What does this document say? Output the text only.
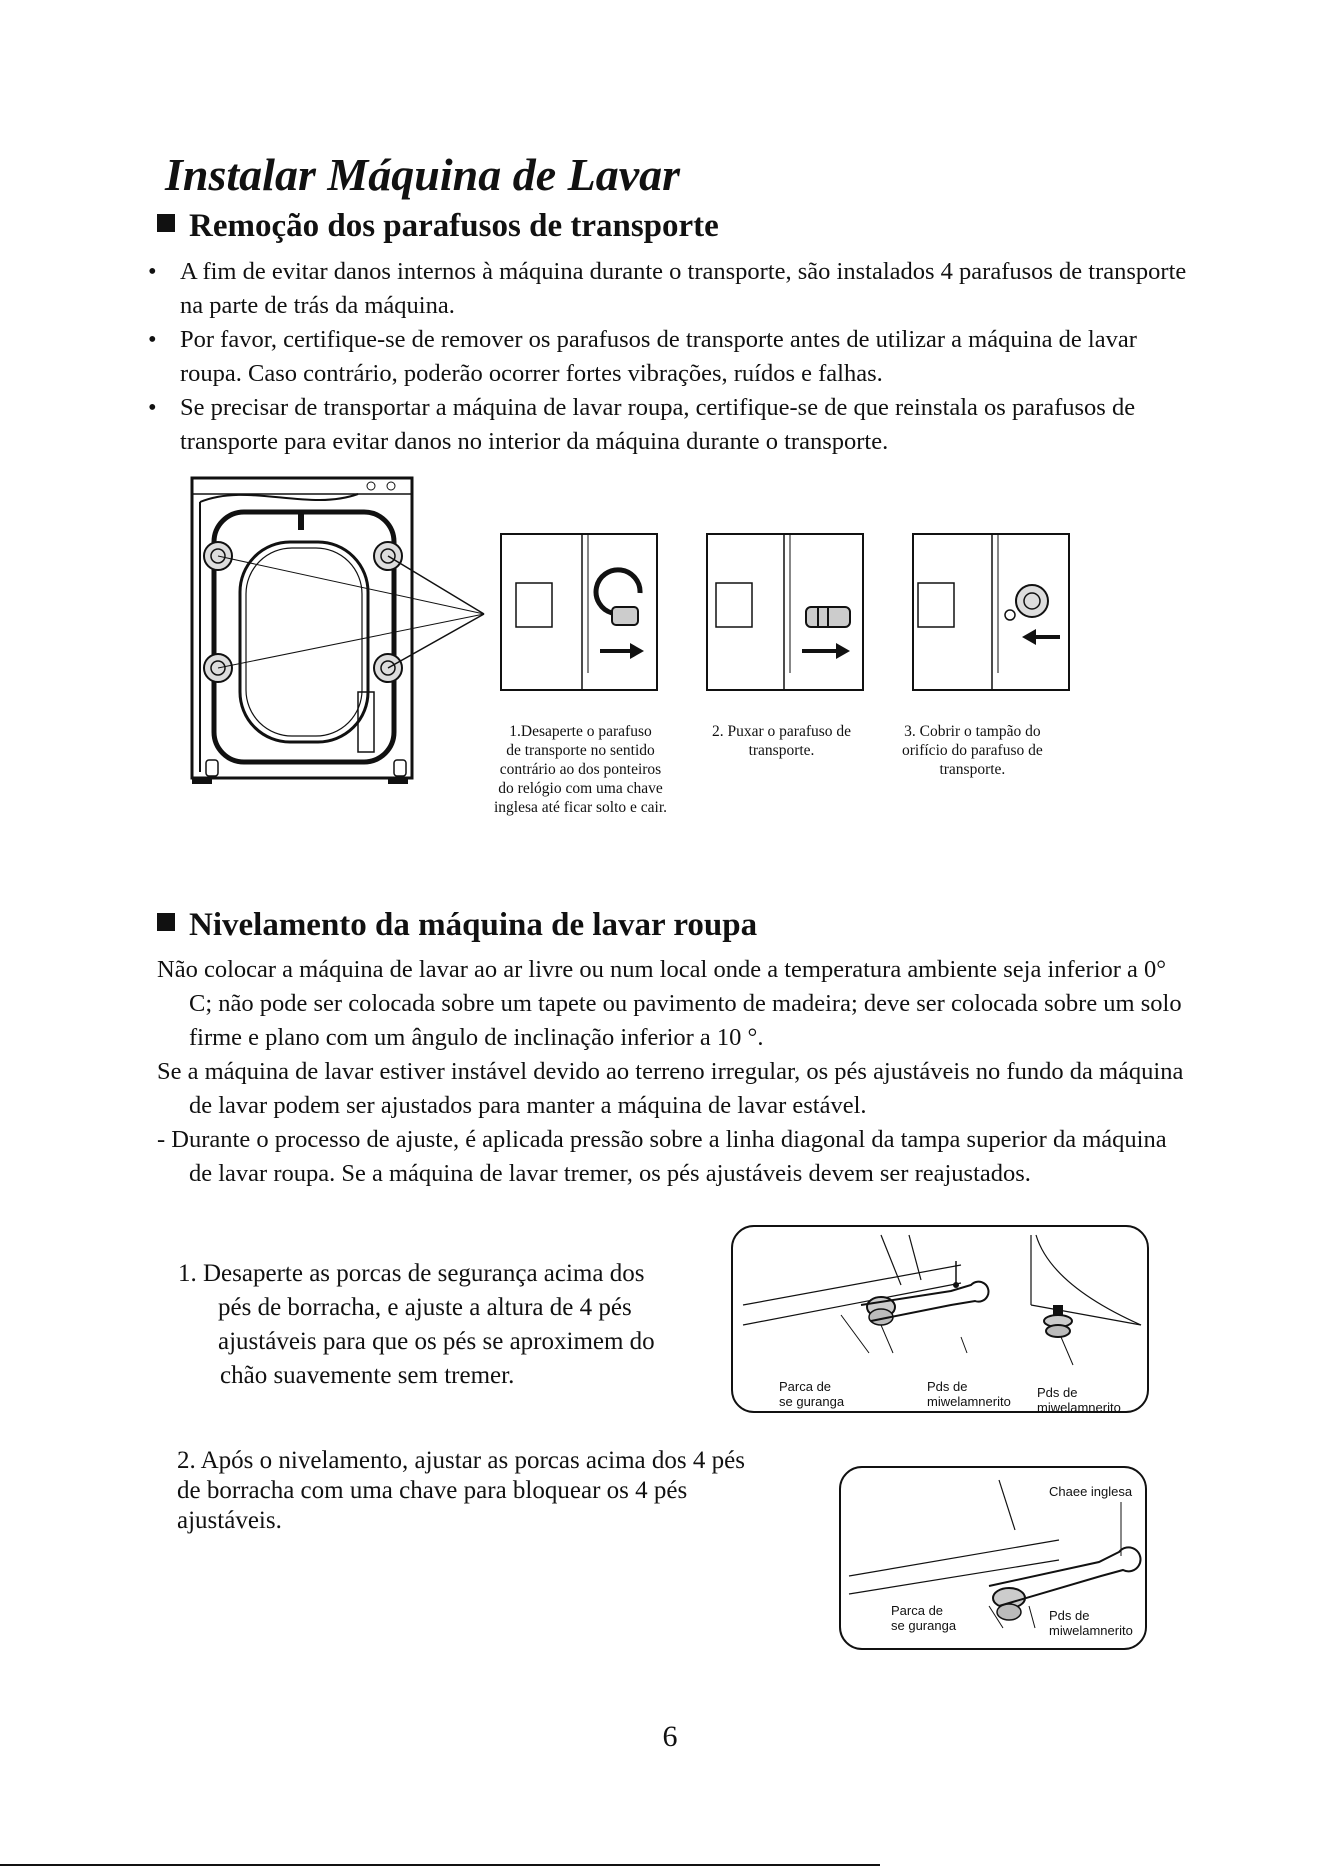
Instalar Máquina de Lavar
Remoção dos parafusos de transporte
• A fim de evitar danos internos à máquina durante o transporte, são instalados 4 parafusos de transporte na parte de trás da máquina.
• Por favor, certifique-se de remover os parafusos de transporte antes de utilizar a máquina de lavar roupa. Caso contrário, poderão ocorrer fortes vibrações, ruídos e falhas.
• Se precisar de transportar a máquina de lavar roupa, certifique-se de que reinstala os parafusos de transporte para evitar danos no interior da máquina durante o transporte.
1.Desaperte o parafuso
de transporte no sentido
contrário ao dos ponteiros
do relógio com uma chave
inglesa até ficar solto e cair.
2. Puxar o parafuso de
transporte.
3. Cobrir o tampão do
orifício do parafuso de
transporte.
Nivelamento da máquina de lavar roupa
Não colocar a máquina de lavar ao ar livre ou num local onde a temperatura ambiente seja inferior a 0° C; não pode ser colocada sobre um tapete ou pavimento de madeira; deve ser colocada sobre um solo firme e plano com um ângulo de inclinação inferior a 10 °.
Se a máquina de lavar estiver instável devido ao terreno irregular, os pés ajustáveis no fundo da máquina de lavar podem ser ajustados para manter a máquina de lavar estável.
- Durante o processo de ajuste, é aplicada pressão sobre a linha diagonal da tampa superior da máquina de lavar roupa. Se a máquina de lavar tremer, os pés ajustáveis devem ser reajustados.
1. Desaperte as porcas de segurança acima dos
pés de borracha, e ajuste a altura de 4 pés
ajustáveis para que os pés se aproximem do
chão suavemente sem tremer.	Parca de
se guranga
Pds de
miwelamnerito
Pds de
miwelamnerito
2. Após o nivelamento, ajustar as porcas acima dos 4 pés
de borracha com uma chave para bloquear os 4 pés
ajustáveis.
Chaee inglesa
Parca de
se guranga
Pds de
miwelamnerito
6
